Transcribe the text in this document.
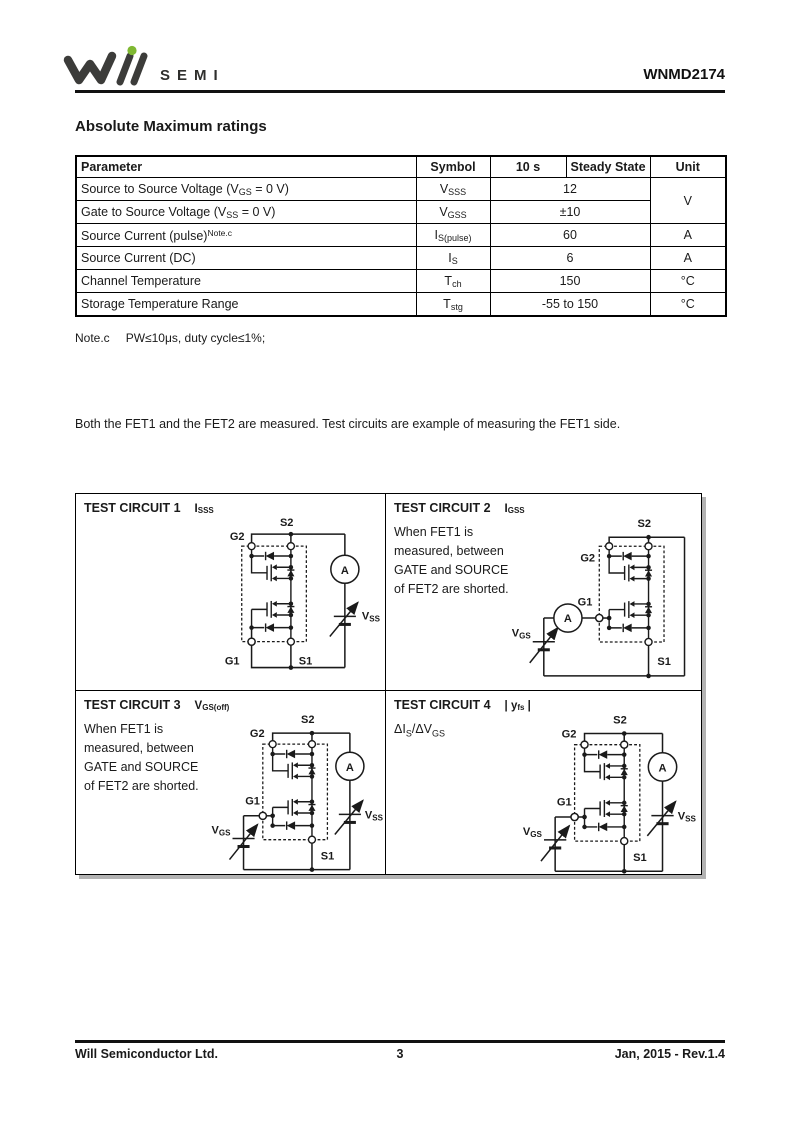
SEMI	WNMD2174
Absolute Maximum ratings
Parameter	Symbol	10 s	Steady State	Unit
Source to Source Voltage ($V_{GS} = 0$ V)	$V_{SSS}$	12		V
Gate to Source Voltage ($V_{SS} = 0$ V)	$V_{GSS}$	±10		
Source Current (pulse)$^{Note.c}$	$I_{S(pulse)}$	60		A
Source Current (DC)	$I_S$	6		A
Channel Temperature	$T_{ch}$	150		°C
Storage Temperature Range	$T_{stg}$	-55 to 150		°C
Note.c PW≤10μs, duty cycle≤1%;
Both the FET1 and the FET2 are measured. Test circuits are example of measuring the FET1 side.
G2
S2
G1	S1
A
VSS
TEST CIRCUIT 1 ISSS
G2
S2
G1
S1
A
VGS
TEST CIRCUIT 2 IGSS
When FET1 is
measured, between
GATE and SOURCE
of FET2 are shorted.
G2
S2
G1
S1
A
VSS
VGS
TEST CIRCUIT 3 VGS(off)
When FET1 is
measured, between
GATE and SOURCE
of FET2 are shorted.
G2
S2
G1
S1
A
VSS
VGS
TEST CIRCUIT 4 | yfs |
$\Delta I_S/\Delta V_{GS}$
Will Semiconductor Ltd.	3	Jan, 2015 - Rev.1.4
